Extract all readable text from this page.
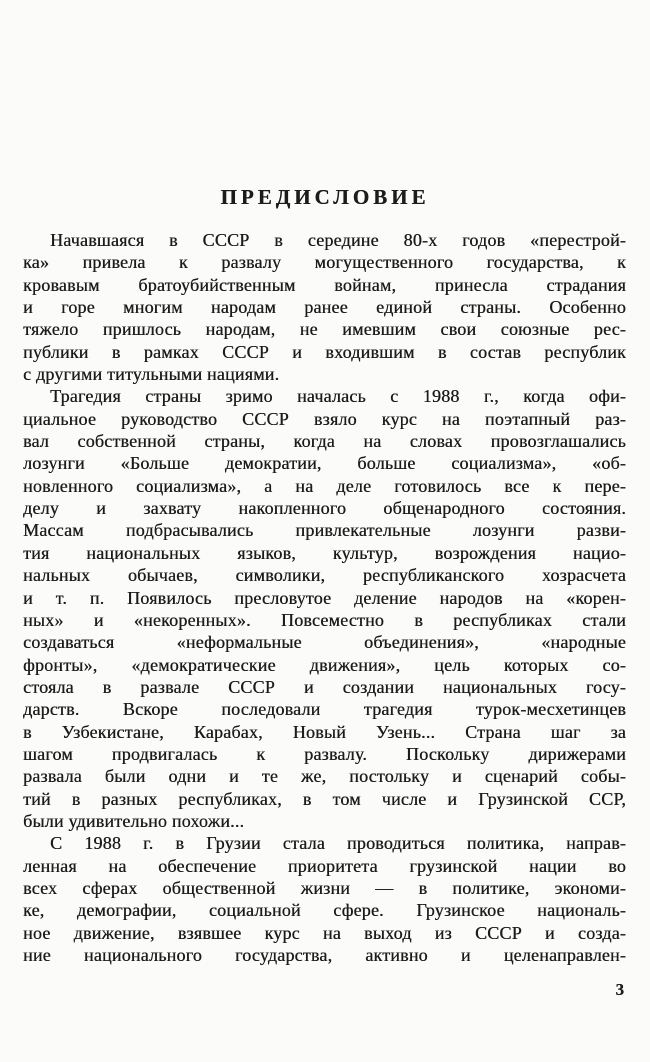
ПРЕДИСЛОВИЕ
Начавшаяся в СССР в середине 80-х годов «перестрой-
ка» привела к развалу могущественного государства, к
кровавым братоубийственным войнам, принесла страдания
и горе многим народам ранее единой страны. Особенно
тяжело пришлось народам, не имевшим свои союзные рес-
публики в рамках СССР и входившим в состав республик
с другими титульными нациями.
Трагедия страны зримо началась с 1988 г., когда офи-
циальное руководство СССР взяло курс на поэтапный раз-
вал собственной страны, когда на словах провозглашались
лозунги «Больше демократии, больше социализма», «об-
новленного социализма», а на деле готовилось все к пере-
делу и захвату накопленного общенародного состояния.
Массам подбрасывались привлекательные лозунги разви-
тия национальных языков, культур, возрождения нацио-
нальных обычаев, символики, республиканского хозрасчета
и т. п. Появилось пресловутое деление народов на «корен-
ных» и «некоренных». Повсеместно в республиках стали
создаваться «неформальные объединения», «народные
фронты», «демократические движения», цель которых со-
стояла в развале СССР и создании национальных госу-
дарств. Вскоре последовали трагедия турок-месхетинцев
в Узбекистане, Карабах, Новый Узень... Страна шаг за
шагом продвигалась к развалу. Поскольку дирижерами
развала были одни и те же, постольку и сценарий собы-
тий в разных республиках, в том числе и Грузинской ССР,
были удивительно похожи...
С 1988 г. в Грузии стала проводиться политика, направ-
ленная на обеспечение приоритета грузинской нации во
всех сферах общественной жизни — в политике, экономи-
ке, демографии, социальной сфере. Грузинское националь-
ное движение, взявшее курс на выход из СССР и созда-
ние национального государства, активно и целенаправлен-
3
